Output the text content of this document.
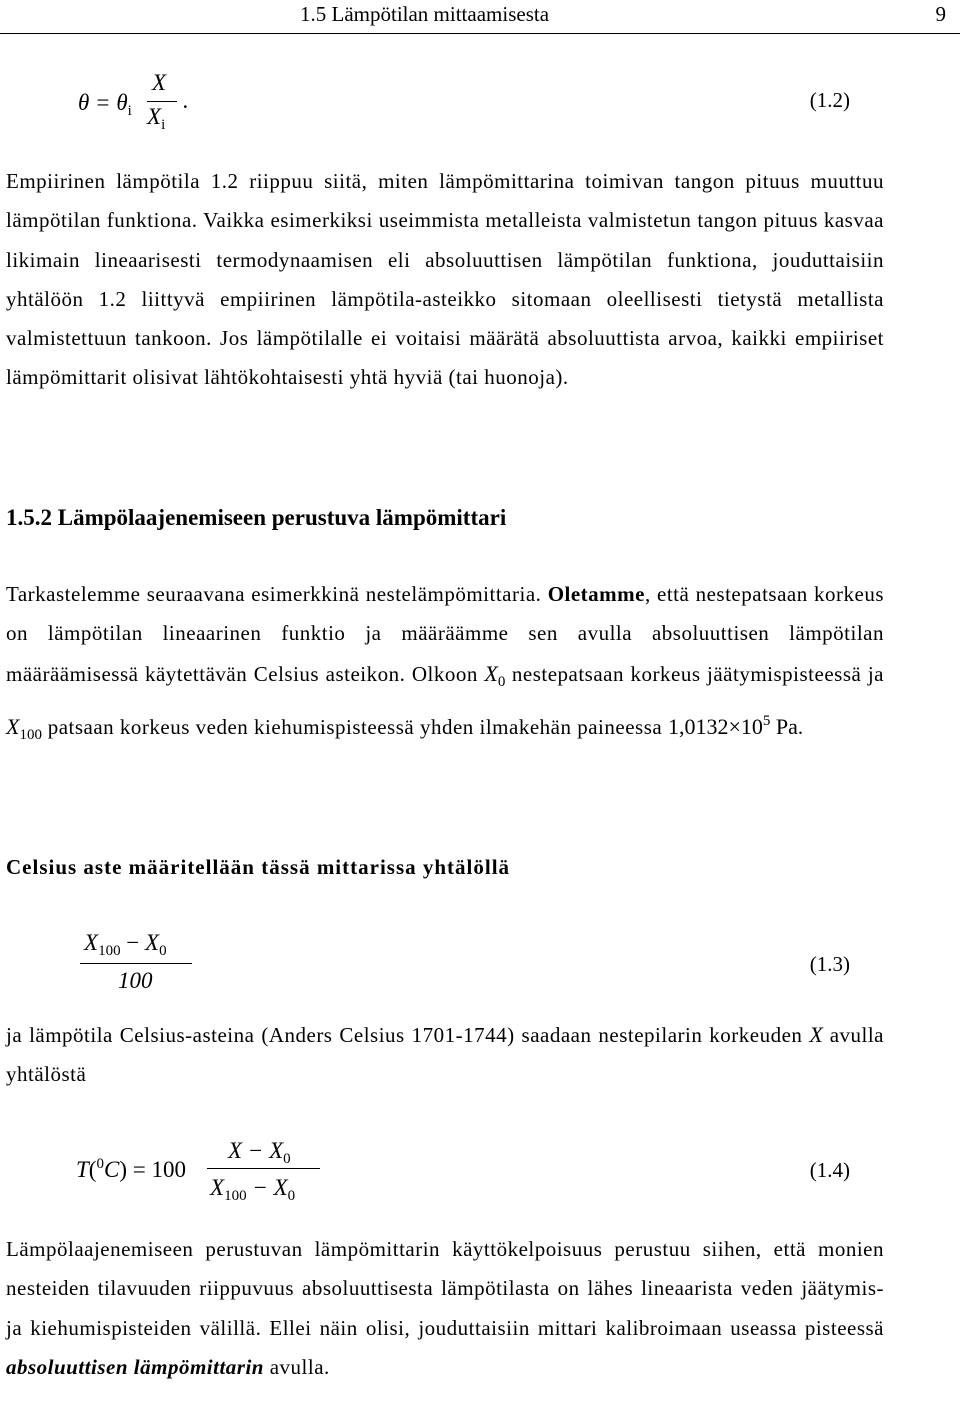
1.5 Lämpötilan mittaamisesta	9
$\theta = \theta_i$
X
$X_i$
.	(1.2)

Empiirinen lämpötila 1.2 riippuu siitä, miten lämpömittarina toimivan tangon pituus muuttuu lämpötilan funktiona. Vaikka esimerkiksi useimmista metalleista valmistetun tangon pituus kasvaa likimain lineaarisesti termodynaamisen eli absoluuttisen lämpötilan funktiona, jouduttaisiin yhtälöön 1.2 liittyvä empiirinen lämpötila-asteikko sitomaan oleellisesti tietystä metallista valmistettuun tankoon. Jos lämpötilalle ei voitaisi määrätä absoluuttista arvoa, kaikki empiiriset lämpömittarit olisivat lähtökohtaisesti yhtä hyviä (tai huonoja).

1.5.2 Lämpölaajenemiseen perustuva lämpömittari

Tarkastelemme seuraavana esimerkkinä nestelämpömittaria. Oletamme, että nestepatsaan korkeus on lämpötilan lineaarinen funktio ja määräämme sen avulla absoluuttisen lämpötilan määräämisessä käytettävän Celsius asteikon. Olkoon $X_0$ nestepatsaan korkeus jäätymispisteessä ja $X_{100}$ patsaan korkeus veden kiehumispisteessä yhden ilmakehän paineessa $1,0132\times 10^5$ Pa.

Celsius aste määritellään tässä mittarissa yhtälöllä
$X_{100} - X_0$
100
(1.3)

ja lämpötila Celsius-asteina (Anders Celsius 1701-1744) saadaan nestepilarin korkeuden X avulla yhtälöstä

T($^0$C) = 100
$X - X_0$
$X_{100} - X_0$
(1.4)

Lämpölaajenemiseen perustuvan lämpömittarin käyttökelpoisuus perustuu siihen, että monien nesteiden tilavuuden riippuvuus absoluuttisesta lämpötilasta on lähes lineaarista veden jäätymis- ja kiehumispisteiden välillä. Ellei näin olisi, jouduttaisiin mittari kalibroimaan useassa pisteessä absoluuttisen lämpömittarin avulla.
